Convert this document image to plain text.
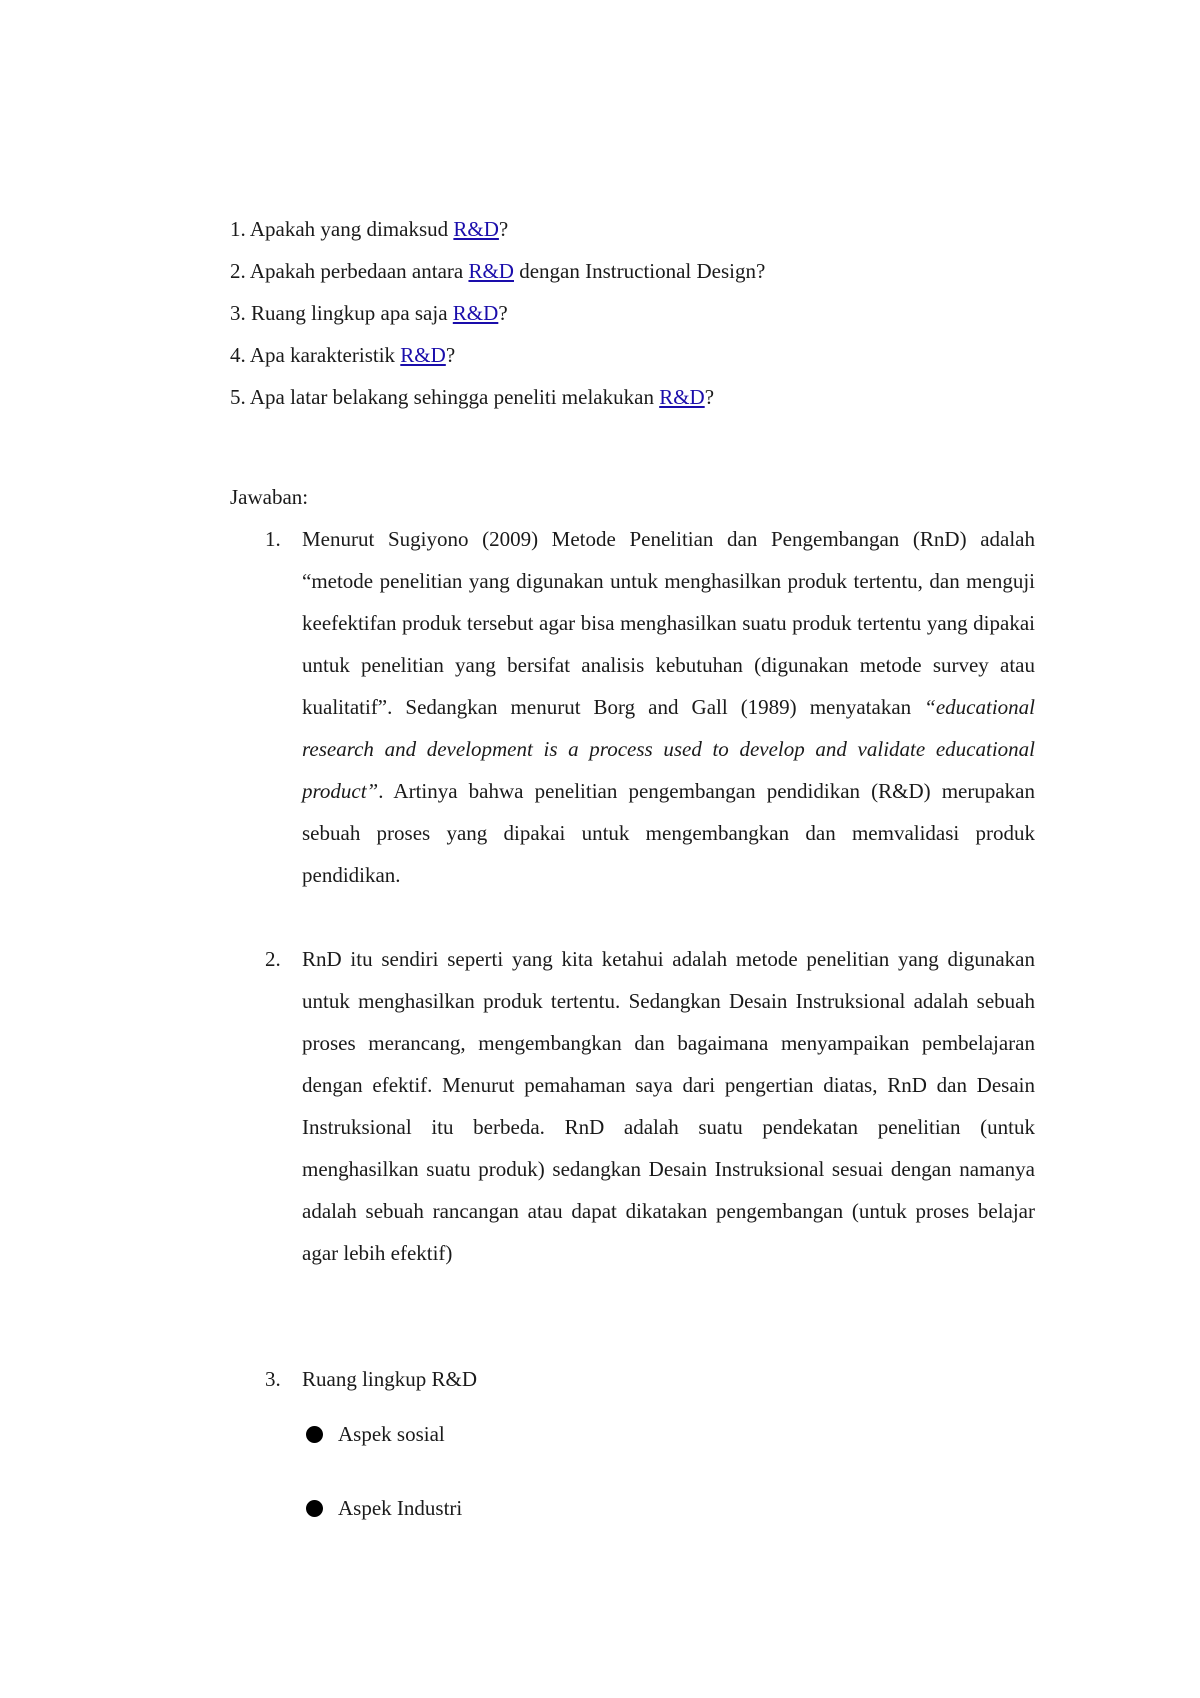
1. Apakah yang dimaksud R&D?
2. Apakah perbedaan antara R&D dengan Instructional Design?
3. Ruang lingkup apa saja R&D?
4. Apa karakteristik R&D?
5. Apa latar belakang sehingga peneliti melakukan R&D?
Jawaban:
1.	Menurut Sugiyono (2009) Metode Penelitian dan Pengembangan (RnD) adalah “metode penelitian yang digunakan untuk menghasilkan produk tertentu, dan menguji keefektifan produk tersebut agar bisa menghasilkan suatu produk tertentu yang dipakai untuk penelitian yang bersifat analisis kebutuhan (digunakan metode survey atau kualitatif”. Sedangkan menurut Borg and Gall (1989) menyatakan “educational research and development is a process used to develop and validate educational product”. Artinya bahwa penelitian pengembangan pendidikan (R&D) merupakan sebuah proses yang dipakai untuk mengembangkan dan memvalidasi produk pendidikan.
2.	RnD itu sendiri seperti yang kita ketahui adalah metode penelitian yang digunakan untuk menghasilkan produk tertentu. Sedangkan Desain Instruksional adalah sebuah proses merancang, mengembangkan dan bagaimana menyampaikan pembelajaran dengan efektif. Menurut pemahaman saya dari pengertian diatas, RnD dan Desain Instruksional itu berbeda. RnD adalah suatu pendekatan penelitian (untuk menghasilkan suatu produk) sedangkan Desain Instruksional sesuai dengan namanya adalah sebuah rancangan atau dapat dikatakan pengembangan (untuk proses belajar agar lebih efektif)
3.	Ruang lingkup R&D
Aspek sosial
Aspek Industri
